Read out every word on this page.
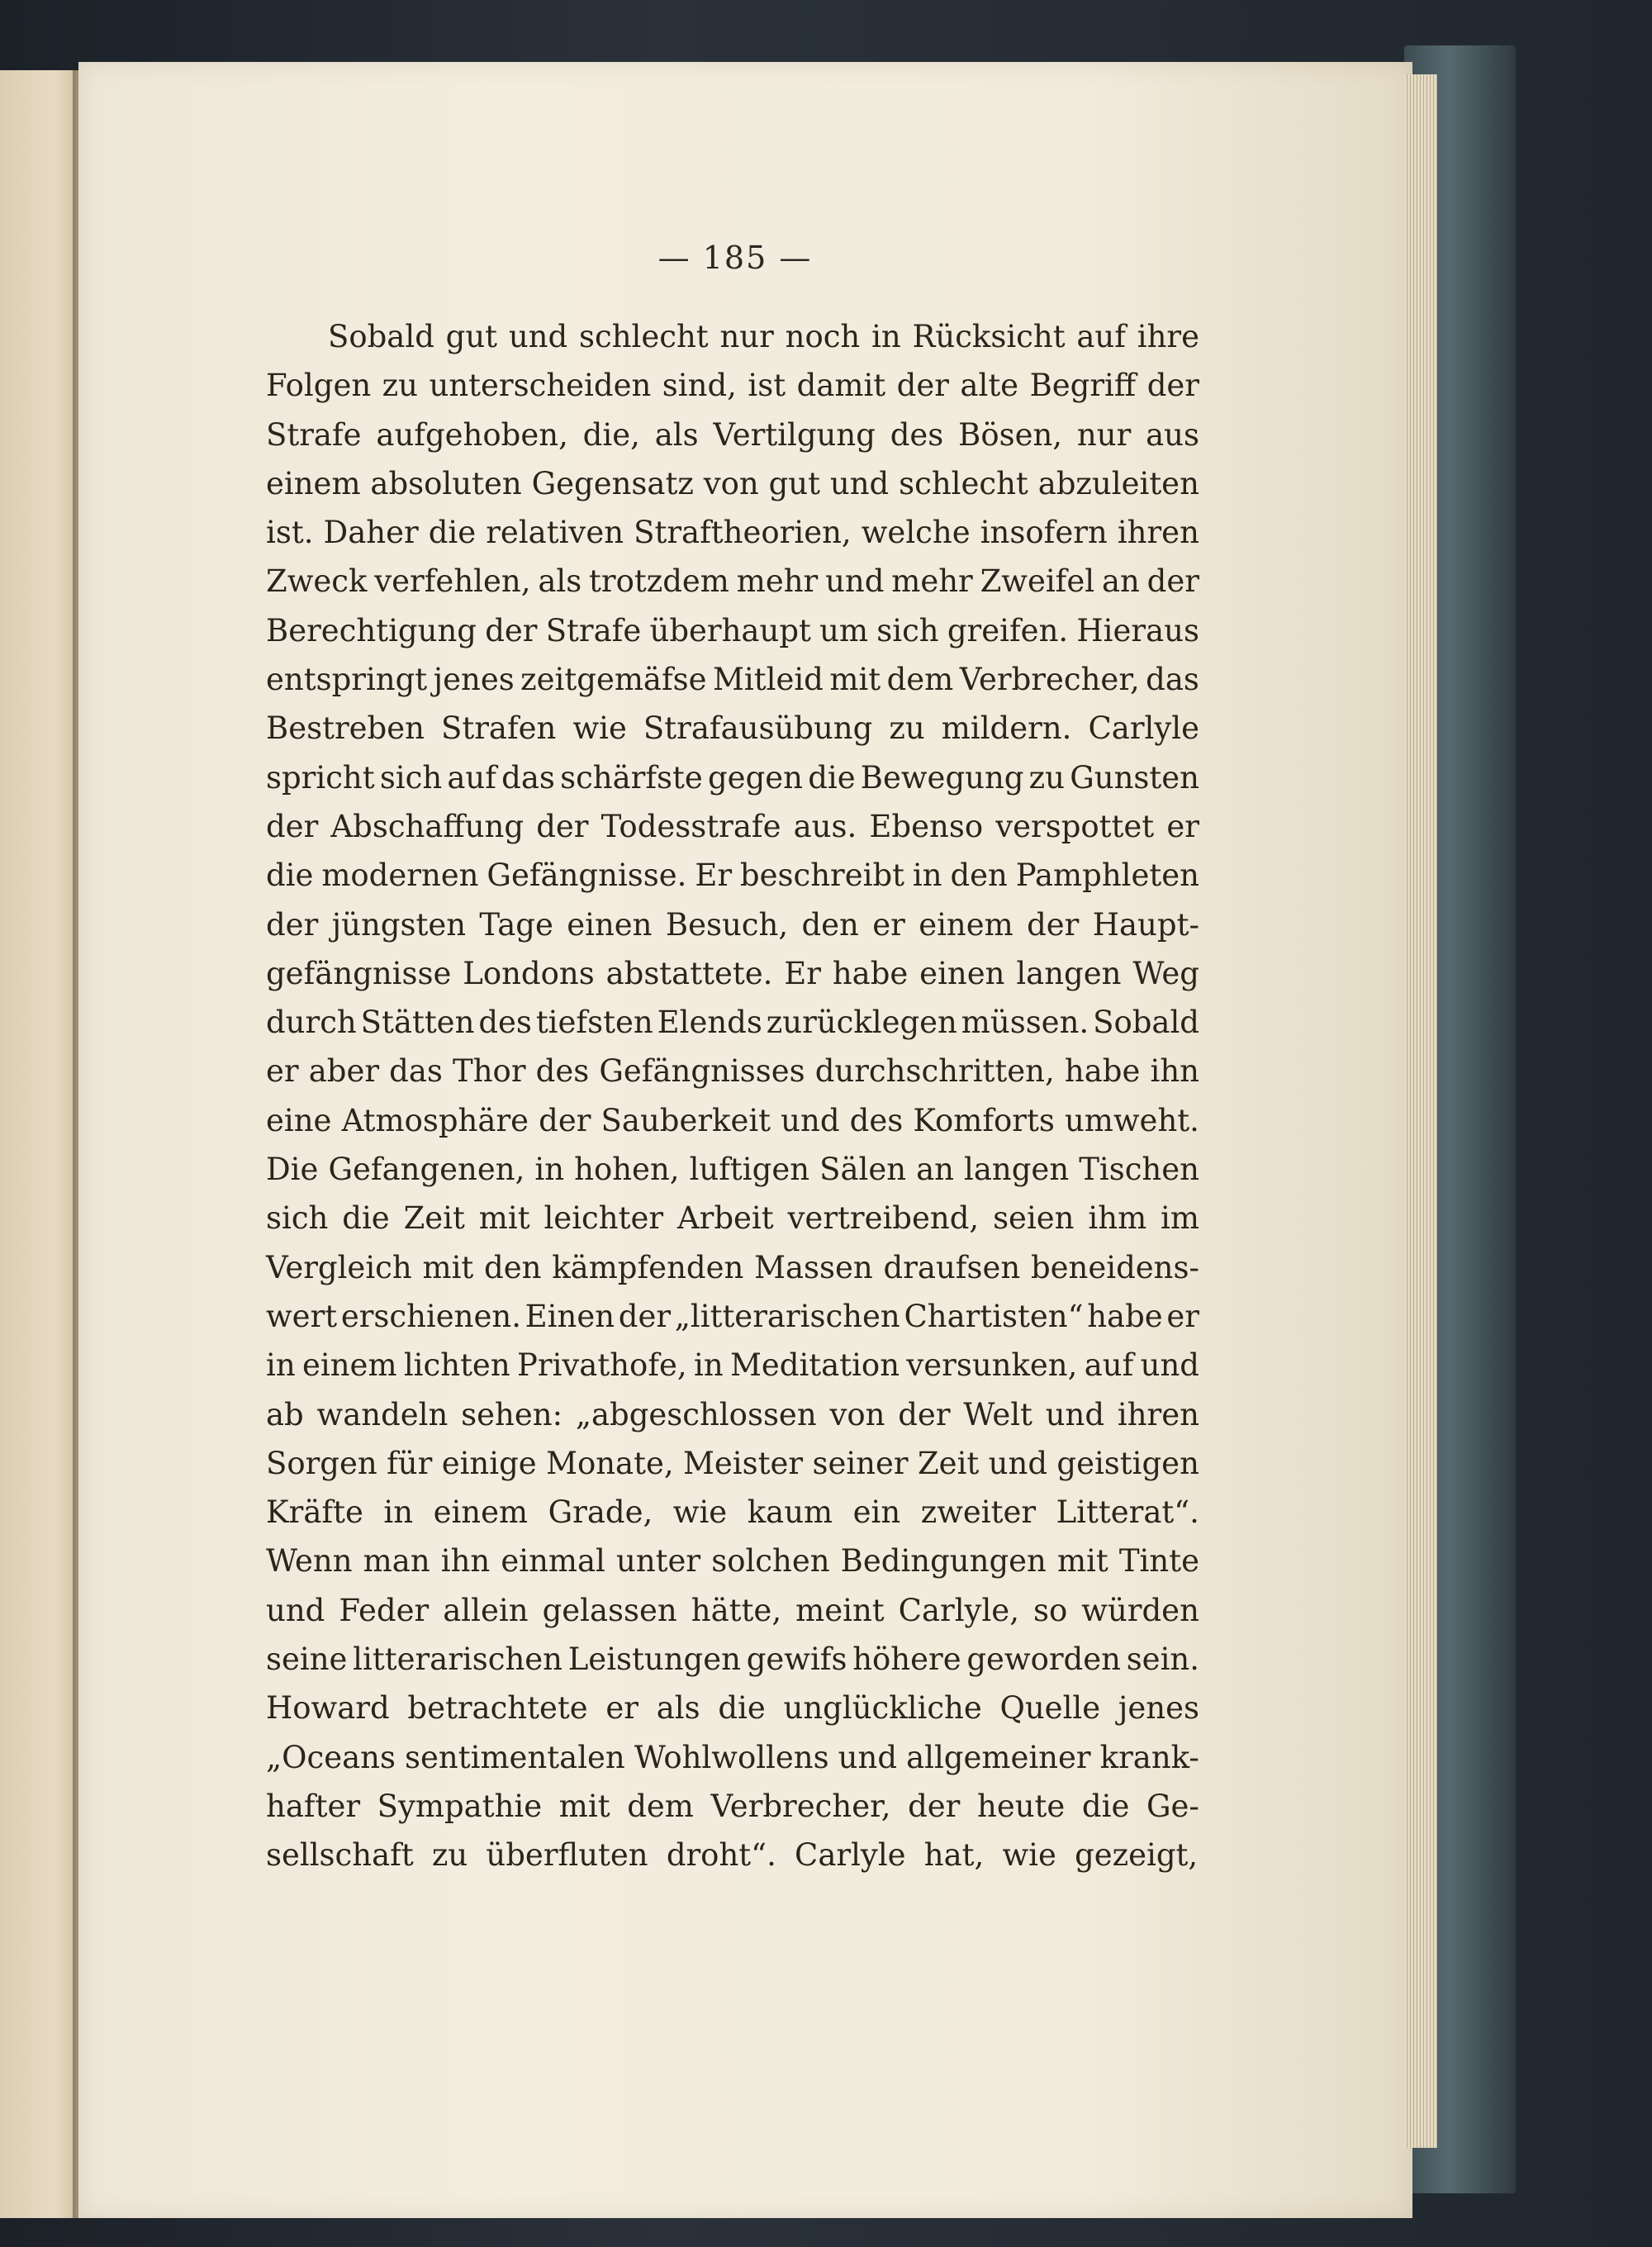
— 185 —
Sobald gut und schlecht nur noch in Rücksicht auf ihre
Folgen zu unterscheiden sind, ist damit der alte Begriff der
Strafe aufgehoben, die, als Vertilgung des Bösen, nur aus
einem absoluten Gegensatz von gut und schlecht abzuleiten
ist. Daher die relativen Straftheorien, welche insofern ihren
Zweck verfehlen, als trotzdem mehr und mehr Zweifel an der
Berechtigung der Strafe überhaupt um sich greifen. Hieraus
entspringt jenes zeitgemäfse Mitleid mit dem Verbrecher, das
Bestreben Strafen wie Strafausübung zu mildern. Carlyle
spricht sich auf das schärfste gegen die Bewegung zu Gunsten
der Abschaffung der Todesstrafe aus. Ebenso verspottet er
die modernen Gefängnisse. Er beschreibt in den Pamphleten
der jüngsten Tage einen Besuch, den er einem der Haupt-
gefängnisse Londons abstattete. Er habe einen langen Weg
durch Stätten des tiefsten Elends zurücklegen müssen. Sobald
er aber das Thor des Gefängnisses durchschritten, habe ihn
eine Atmosphäre der Sauberkeit und des Komforts umweht.
Die Gefangenen, in hohen, luftigen Sälen an langen Tischen
sich die Zeit mit leichter Arbeit vertreibend, seien ihm im
Vergleich mit den kämpfenden Massen draufsen beneidens-
wert erschienen. Einen der „litterarischen Chartisten“ habe er
in einem lichten Privathofe, in Meditation versunken, auf und
ab wandeln sehen: „abgeschlossen von der Welt und ihren
Sorgen für einige Monate, Meister seiner Zeit und geistigen
Kräfte in einem Grade, wie kaum ein zweiter Litterat“.
Wenn man ihn einmal unter solchen Bedingungen mit Tinte
und Feder allein gelassen hätte, meint Carlyle, so würden
seine litterarischen Leistungen gewifs höhere geworden sein.
Howard betrachtete er als die unglückliche Quelle jenes
„Oceans sentimentalen Wohlwollens und allgemeiner krank-
hafter Sympathie mit dem Verbrecher, der heute die Ge-
sellschaft zu überfluten droht“. Carlyle hat, wie gezeigt,
